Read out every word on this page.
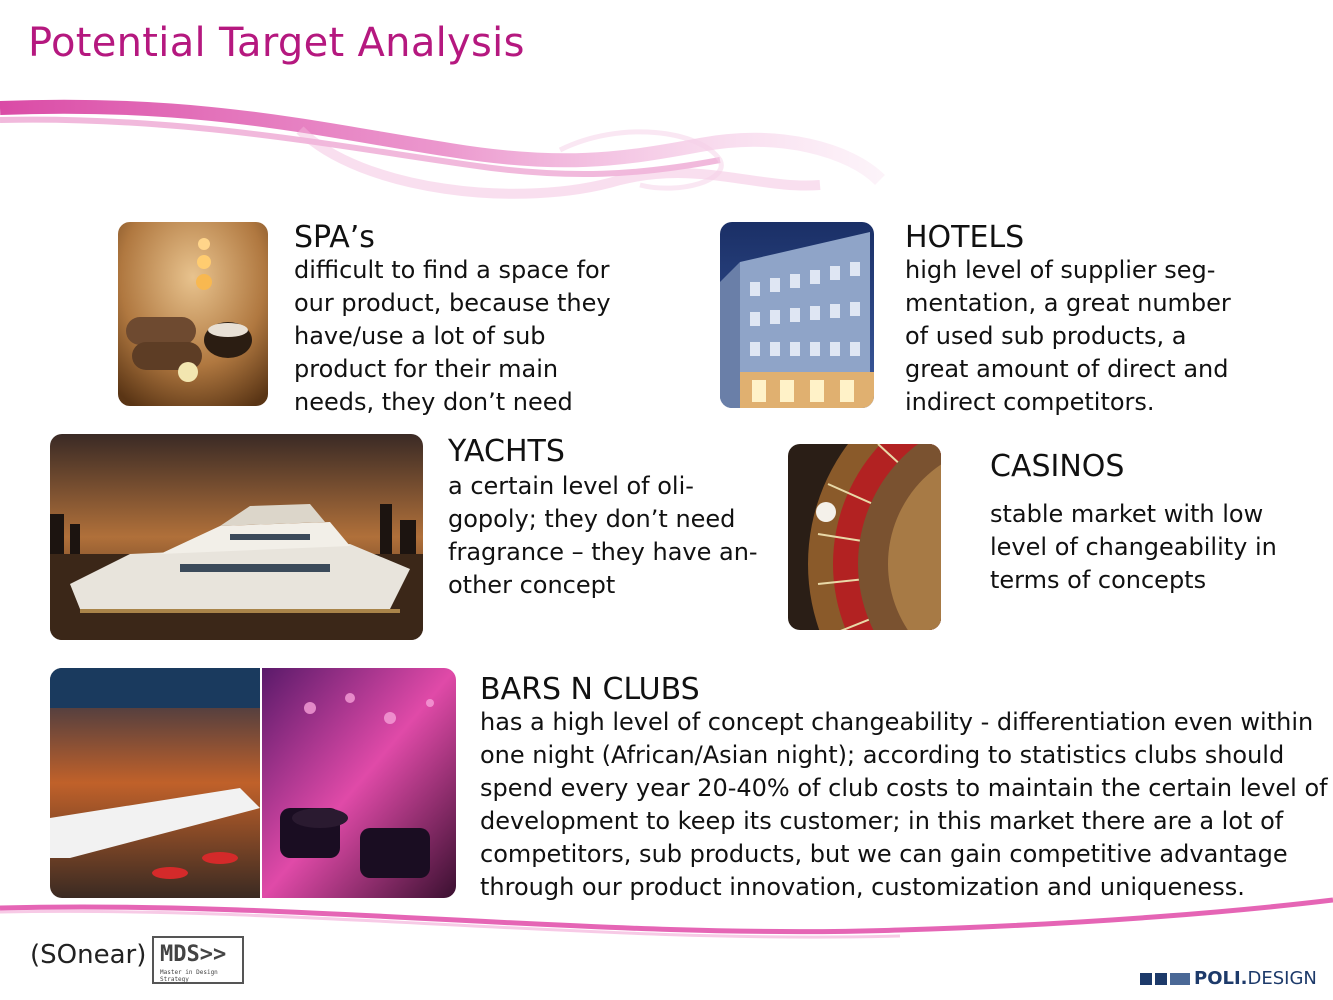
Potential Target Analysis
SPA’s
difficult to find a space for
our product, because they
have/use a lot of sub
product for their main
needs, they don’t need
HOTELS
high level of supplier seg-
mentation, a great number
of used sub products, a
great amount of direct and
indirect competitors.
YACHTS
a certain level of oli-
gopoly; they don’t need
fragrance – they have an-
other concept
CASINOS
stable market with low
level of changeability in
terms of concepts
BARS N CLUBS
has a high level of concept changeability - differentiation even within
one night (African/Asian night); according to statistics clubs should
spend every year 20-40% of club costs to maintain the certain level of
development to keep its customer; in this market there are a lot of
competitors, sub products, but we can gain competitive advantage
through our product innovation, customization and uniqueness.
(SOnear) MDS>>
Master in Design Strategy	POLI.DESIGN
